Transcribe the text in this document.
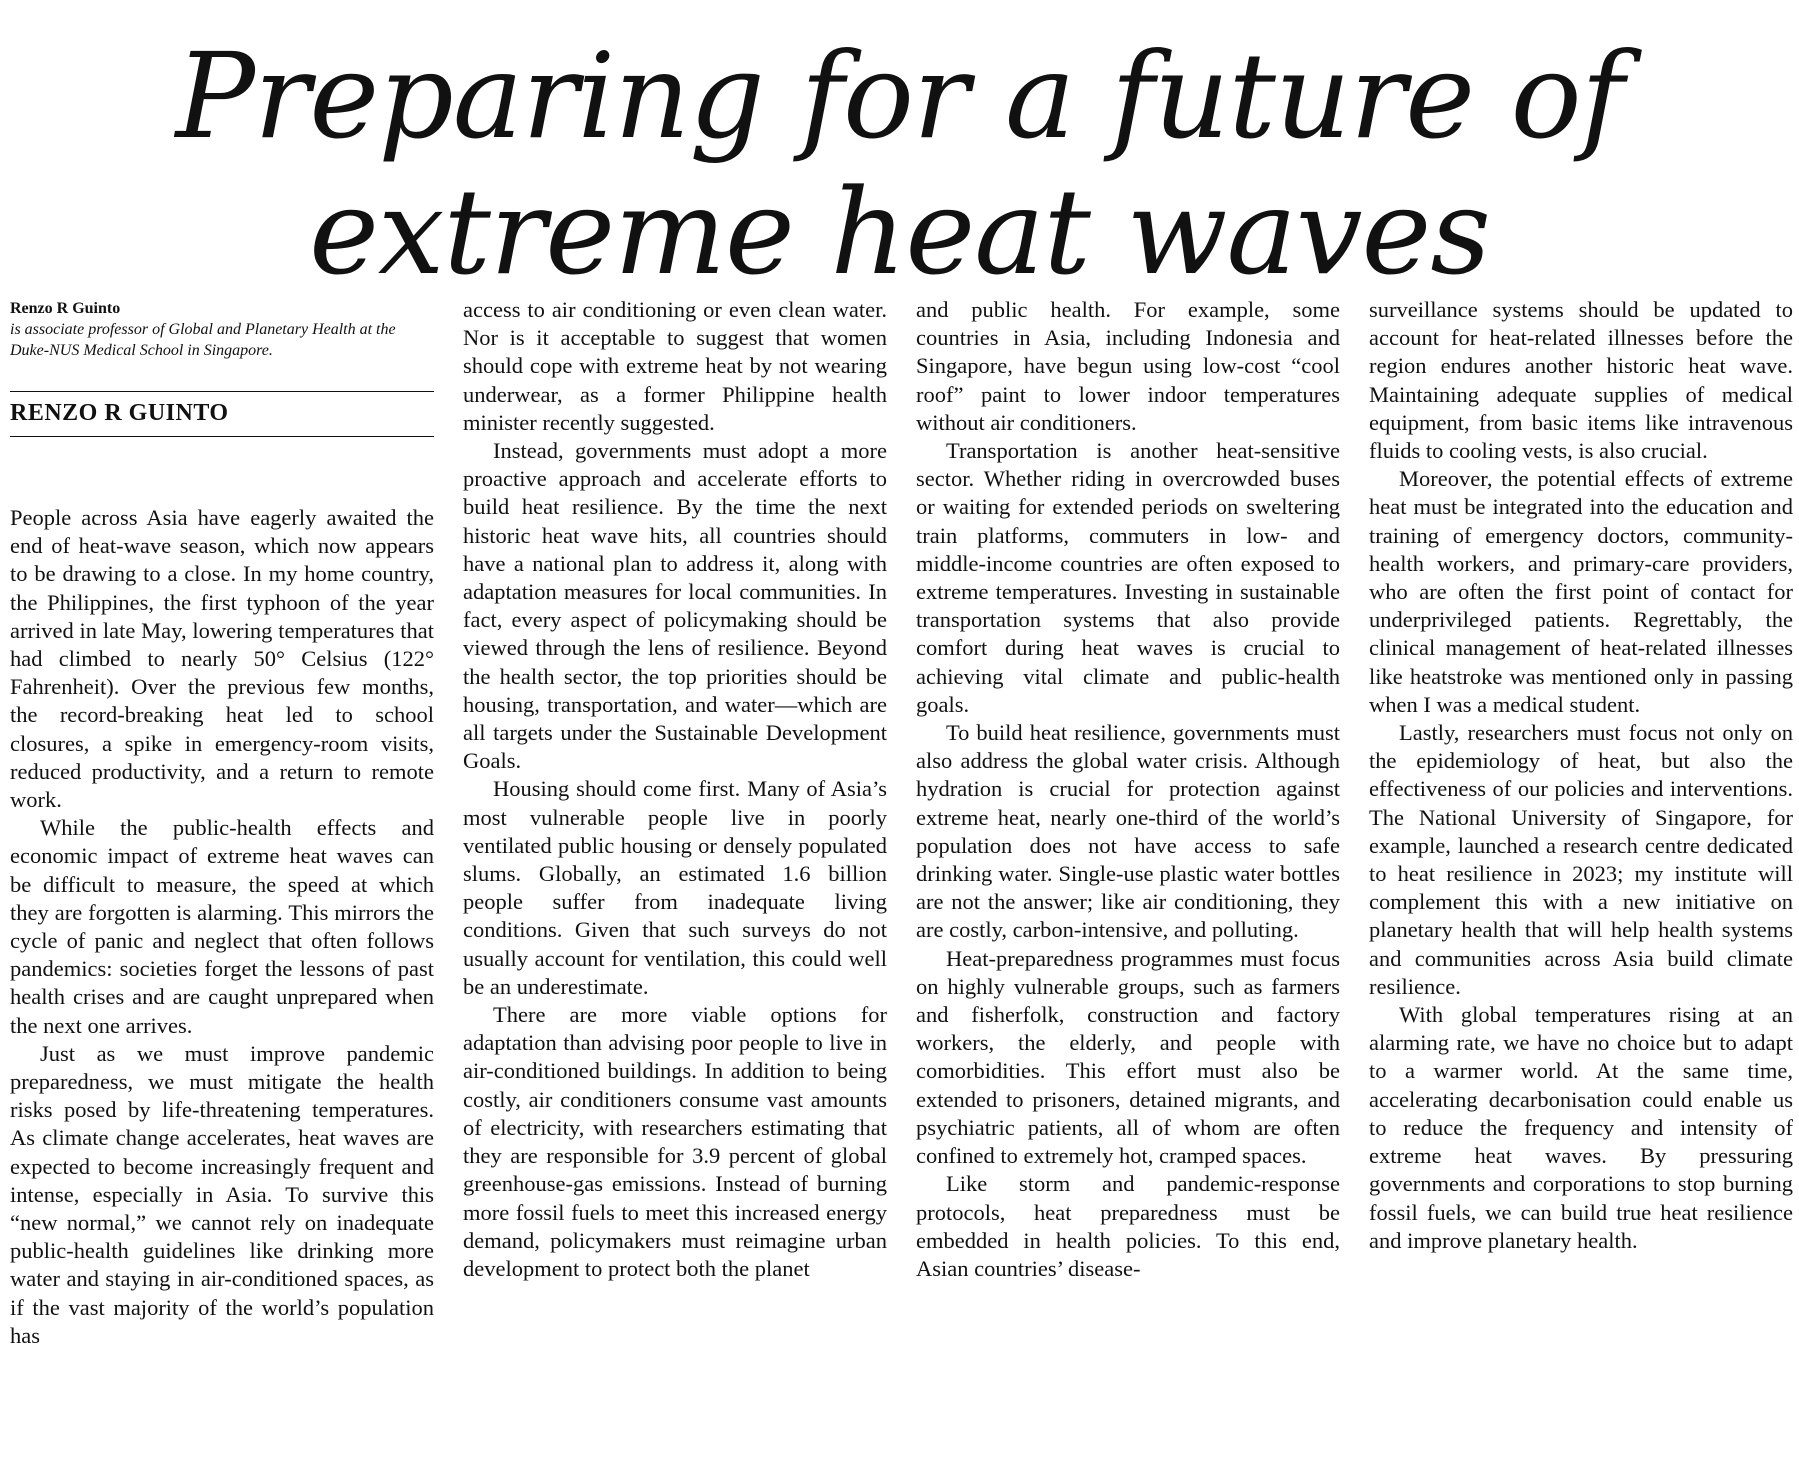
Preparing for a future of
extreme heat waves
Renzo R Guinto
is associate professor of Global and Planetary Health at the Duke-NUS Medical School in Singapore.
RENZO R GUINTO

People across Asia have eagerly awaited the end of heat-wave season, which now appears to be drawing to a close. In my home country, the Philippines, the first typhoon of the year arrived in late May, lowering temperatures that had climbed to nearly 50° Celsius (122° Fahrenheit). Over the previous few months, the record-breaking heat led to school closures, a spike in emergency-room visits, reduced productivity, and a return to remote work.

While the public-health effects and economic impact of extreme heat waves can be difficult to measure, the speed at which they are forgotten is alarming. This mirrors the cycle of panic and neglect that often follows pandemics: societies forget the lessons of past health crises and are caught unprepared when the next one arrives.

Just as we must improve pandemic preparedness, we must mitigate the health risks posed by life-threatening temperatures. As climate change accelerates, heat waves are expected to become increasingly frequent and intense, especially in Asia. To survive this “new normal,” we cannot rely on inadequate public-health guidelines like drinking more water and staying in air-conditioned spaces, as if the vast majority of the world’s population has

access to air conditioning or even clean water. Nor is it acceptable to suggest that women should cope with extreme heat by not wearing underwear, as a former Philippine health minister recently suggested.

Instead, governments must adopt a more proactive approach and accelerate efforts to build heat resilience. By the time the next historic heat wave hits, all countries should have a national plan to address it, along with adaptation measures for local communities. In fact, every aspect of policymaking should be viewed through the lens of resilience. Beyond the health sector, the top priorities should be housing, transportation, and water—which are all targets under the Sustainable Development Goals.

Housing should come first. Many of Asia’s most vulnerable people live in poorly ventilated public housing or densely populated slums. Globally, an estimated 1.6 billion people suffer from inadequate living conditions. Given that such surveys do not usually account for ventilation, this could well be an underestimate.

There are more viable options for adaptation than advising poor people to live in air-conditioned buildings. In addition to being costly, air conditioners consume vast amounts of electricity, with researchers estimating that they are responsible for 3.9 percent of global greenhouse-gas emissions. Instead of burning more fossil fuels to meet this increased energy demand, policymakers must reimagine urban development to protect both the planet

and public health. For example, some countries in Asia, including Indonesia and Singapore, have begun using low-cost “cool roof” paint to lower indoor temperatures without air conditioners.

Transportation is another heat-sensitive sector. Whether riding in overcrowded buses or waiting for extended periods on sweltering train platforms, commuters in low- and middle-income countries are often exposed to extreme temperatures. Investing in sustainable transportation systems that also provide comfort during heat waves is crucial to achieving vital climate and public-health goals.

To build heat resilience, governments must also address the global water crisis. Although hydration is crucial for protection against extreme heat, nearly one-third of the world’s population does not have access to safe drinking water. Single-use plastic water bottles are not the answer; like air conditioning, they are costly, carbon-intensive, and polluting.

Heat-preparedness programmes must focus on highly vulnerable groups, such as farmers and fisherfolk, construction and factory workers, the elderly, and people with comorbidities. This effort must also be extended to prisoners, detained migrants, and psychiatric patients, all of whom are often confined to extremely hot, cramped spaces.

Like storm and pandemic-response protocols, heat preparedness must be embedded in health policies. To this end, Asian countries’ disease-

surveillance systems should be updated to account for heat-related illnesses before the region endures another historic heat wave. Maintaining adequate supplies of medical equipment, from basic items like intravenous fluids to cooling vests, is also crucial.

Moreover, the potential effects of extreme heat must be integrated into the education and training of emergency doctors, community-health workers, and primary-care providers, who are often the first point of contact for underprivileged patients. Regrettably, the clinical management of heat-related illnesses like heatstroke was mentioned only in passing when I was a medical student.

Lastly, researchers must focus not only on the epidemiology of heat, but also the effectiveness of our policies and interventions. The National University of Singapore, for example, launched a research centre dedicated to heat resilience in 2023; my institute will complement this with a new initiative on planetary health that will help health systems and communities across Asia build climate resilience.

With global temperatures rising at an alarming rate, we have no choice but to adapt to a warmer world. At the same time, accelerating decarbonisation could enable us to reduce the frequency and intensity of extreme heat waves. By pressuring governments and corporations to stop burning fossil fuels, we can build true heat resilience and improve planetary health.
